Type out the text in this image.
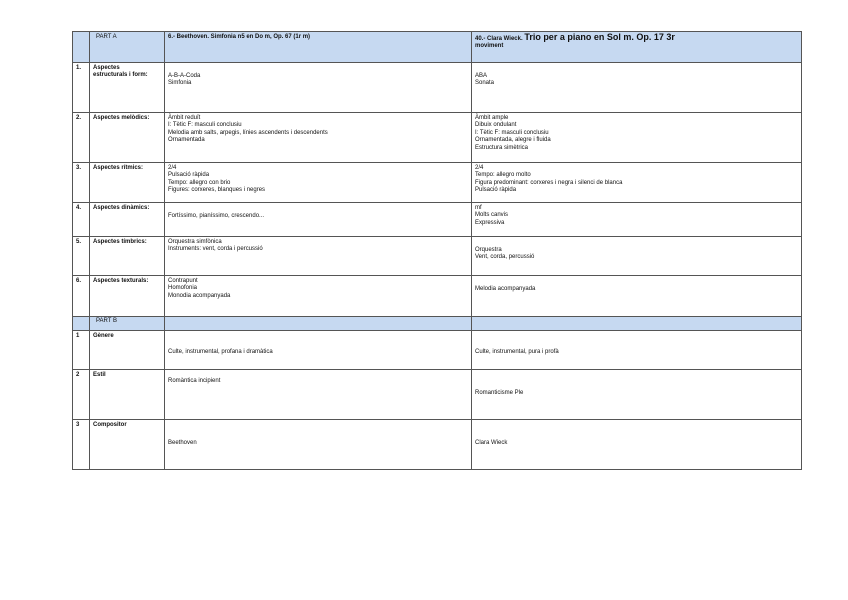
	PART A	6.- Beethoven. Simfonia n5 en Do m, Op. 67 (1r m)	40.- Clara Wieck. Trio per a piano en Sol m. Op. 17 3r
moviment
1.	Aspectes
estructurals i form:	A-B-A-Coda
Simfonia	ABA
Sonata

2.	Aspectes melòdics:	Àmbit reduït
I: Tètic F: masculi conclusiu
Melodia amb salts, arpegis, línies ascendents i descendents
Ornamentada	Àmbit ample
Dibuix ondulant
I: Tètic F: masculi conclusiu
Ornamentada, alegre i fluida
Estructura simètrica

3.	Aspectes rítmics:	2/4
Pulsació ràpida
Tempo: allegro con brio
Figures: corxeres, blanques i negres	2/4
Tempo: allegro molto
Figura predominant: corxeres i negra i silenci de blanca
Pulsació ràpida

4.	Aspectes dinàmics:	Fortíssimo, pianíssimo, crescendo...	mf
Molts canvis
Expressiva

5.	Aspectes tímbrics:	Orquestra simfònica
Instruments: vent, corda i percussió	Orquestra
Vent, corda, percussió

6.	Aspectes texturals:	Contrapunt
Homofonia
Monodia acompanyada	Melodia acompanyada

	PART B		
1	Gènere	Culte, instrumental, profana i dramàtica	Culte, instrumental, pura i profà

2	Estil	Romàntica incipient	Romanticisme Ple

3	Compositor	Beethoven	Clara Wieck
